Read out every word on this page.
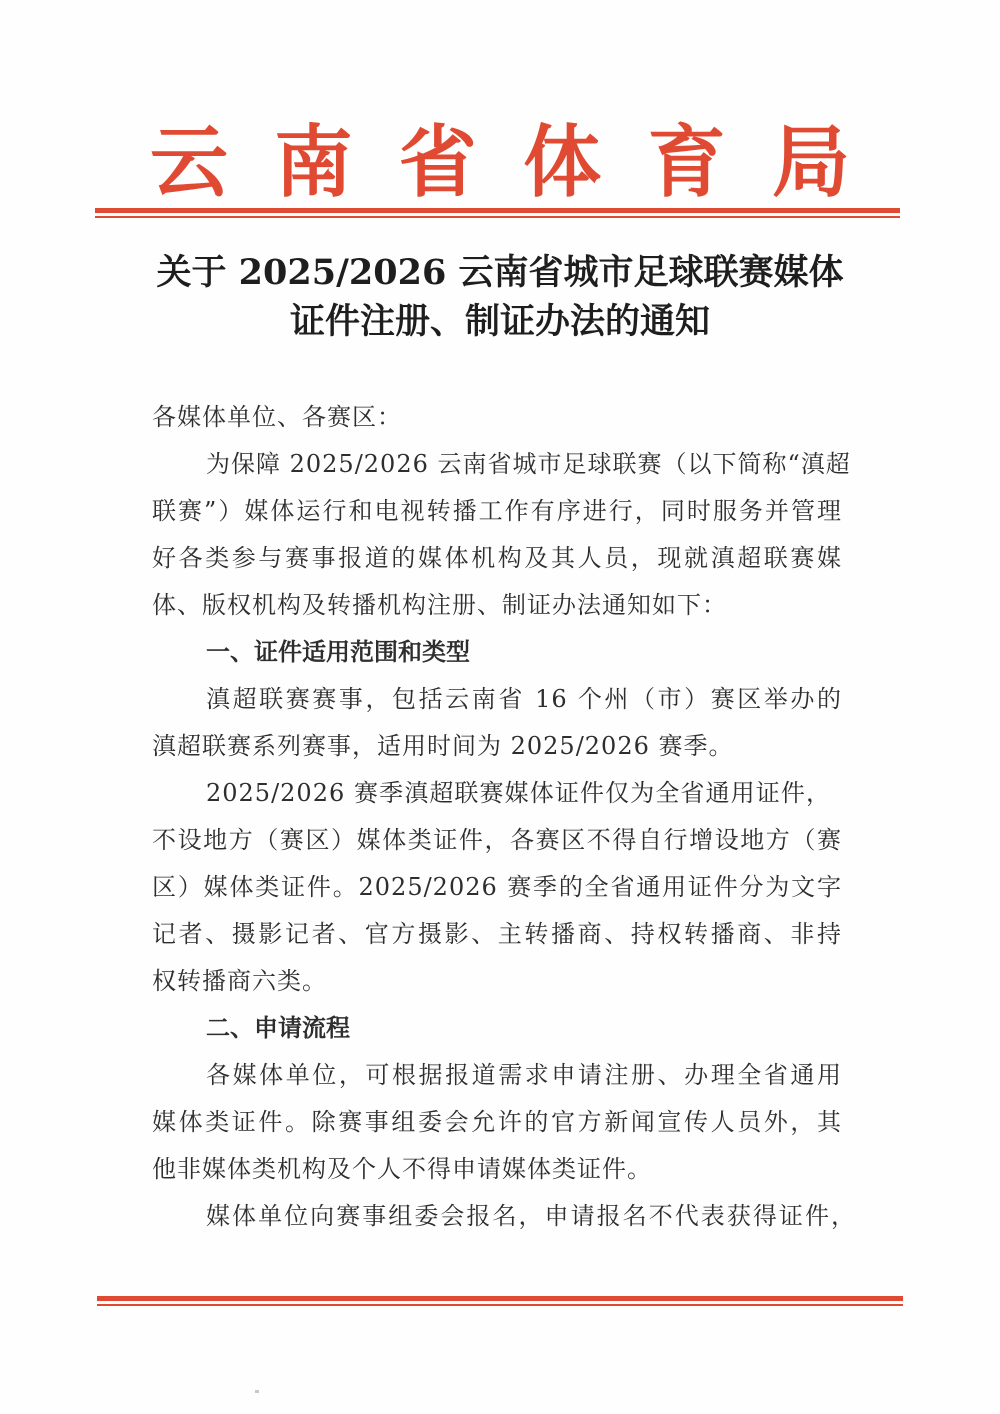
云 南 省 体 育 局
关于 2025/2026 云南省城市足球联赛媒体
证件注册、制证办法的通知
各媒体单位、各赛区：
为保障 2025/2026 云南省城市足球联赛（以下简称“滇超
联赛”）媒体运行和电视转播工作有序进行，同时服务并管理
好各类参与赛事报道的媒体机构及其人员，现就滇超联赛媒
体、版权机构及转播机构注册、制证办法通知如下：
一、证件适用范围和类型
滇超联赛赛事，包括云南省 16 个州（市）赛区举办的
滇超联赛系列赛事，适用时间为 2025/2026 赛季。
2025/2026 赛季滇超联赛媒体证件仅为全省通用证件，
不设地方（赛区）媒体类证件，各赛区不得自行增设地方（赛
区）媒体类证件。2025/2026 赛季的全省通用证件分为文字
记者、摄影记者、官方摄影、主转播商、持权转播商、非持
权转播商六类。
二、申请流程
各媒体单位，可根据报道需求申请注册、办理全省通用
媒体类证件。除赛事组委会允许的官方新闻宣传人员外，其
他非媒体类机构及个人不得申请媒体类证件。
媒体单位向赛事组委会报名，申请报名不代表获得证件，
